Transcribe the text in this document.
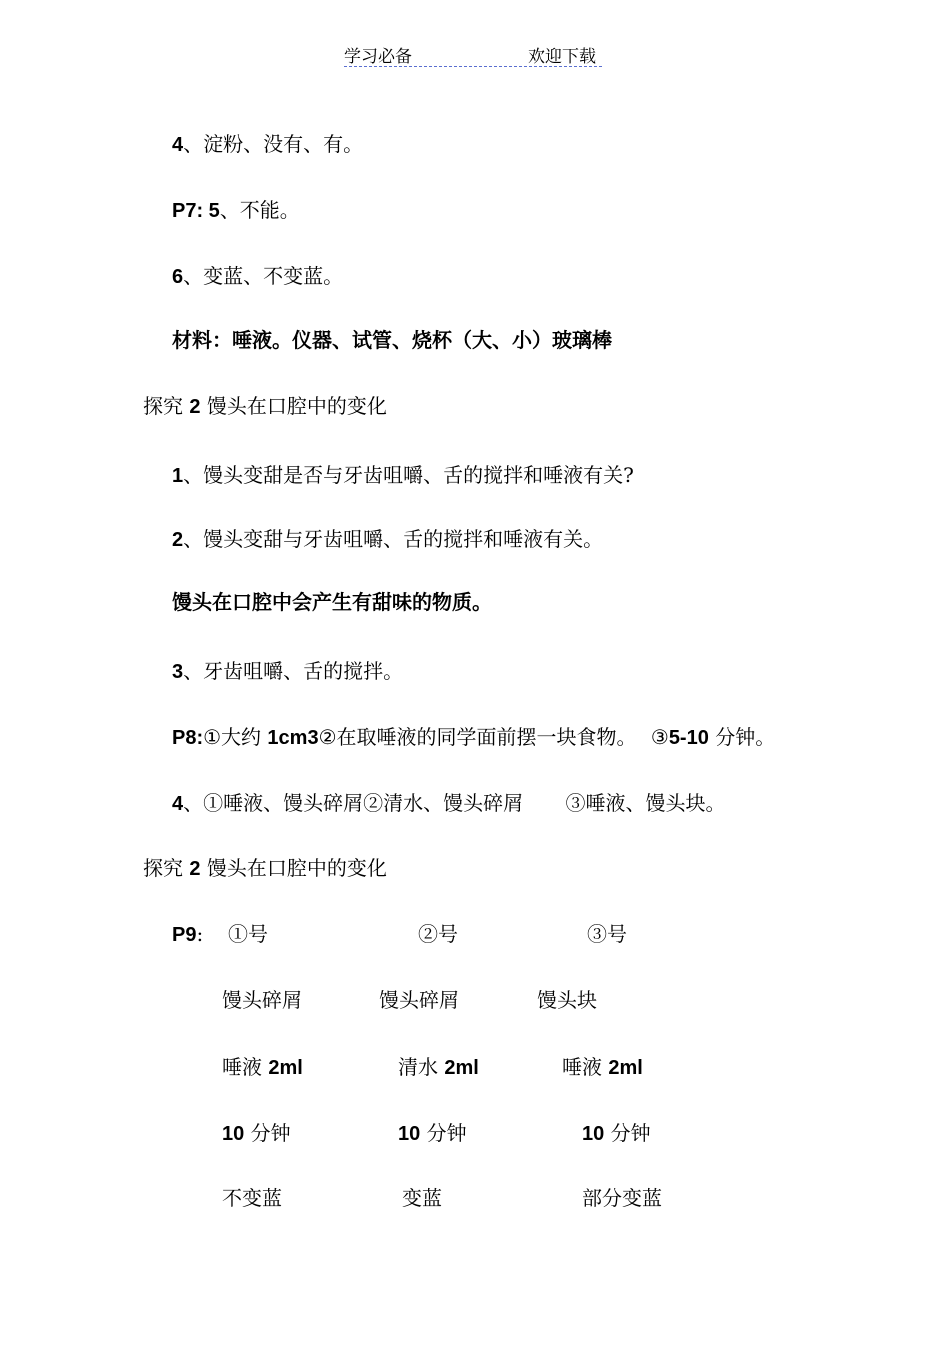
学习必备	欢迎下载
4、淀粉、没有、有。
P7: 5、不能。
6、变蓝、不变蓝。
材料：唾液。仪器、试管、烧杯（大、小）玻璃棒
探究 2 馒头在口腔中的变化
1、馒头变甜是否与牙齿咀嚼、舌的搅拌和唾液有关?
2、馒头变甜与牙齿咀嚼、舌的搅拌和唾液有关。
馒头在口腔中会产生有甜味的物质。
3、牙齿咀嚼、舌的搅拌。
P8:①大约 1cm3②在取唾液的同学面前摆一块食物。 ③5-10 分钟。
4、①唾液、馒头碎屑②清水、馒头碎屑 ③唾液、馒头块。
探究 2 馒头在口腔中的变化
P9: ①号	②号	③号
馒头碎屑	馒头碎屑	馒头块
唾液 2ml	清水 2ml	唾液 2ml
10 分钟	10 分钟	10 分钟
不变蓝	变蓝	部分变蓝
